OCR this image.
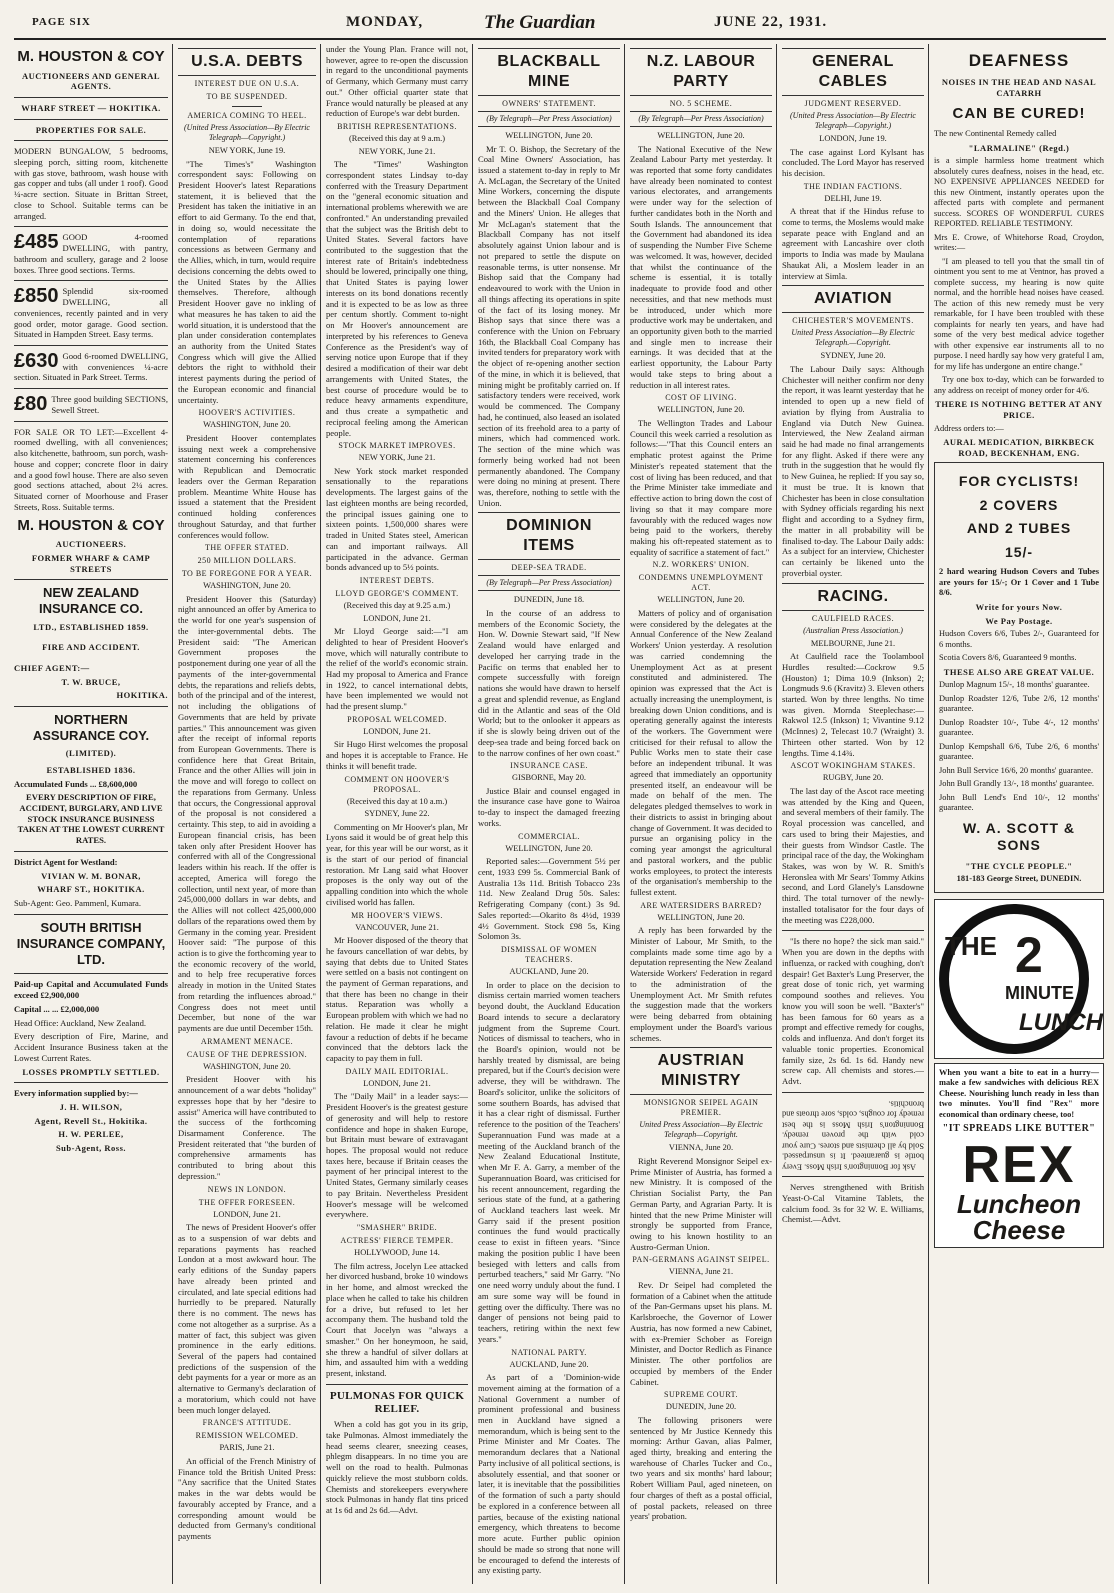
PAGE SIX	MONDAY,	The Guardian	JUNE 22, 1931.
M. HOUSTON & COY
AUCTIONEERS AND GENERAL AGENTS.
WHARF STREET — HOKITIKA.
PROPERTIES FOR SALE.

MODERN BUNGALOW, 5 bedrooms, sleeping porch, sitting room, kitchenette with gas stove, bathroom, wash house with gas copper and tubs (all under 1 roof). Good ¼-acre section. Situate in Brittan Street, close to School. Suitable terms can be arranged.

£485 GOOD 4-roomed DWELLING, with pantry, bathroom and scullery, garage and 2 loose boxes. Three good sections. Terms.
£850 Splendid six-roomed DWELLING, all conveniences, recently painted and in very good order, motor garage. Good section. Situated in Hampden Street. Easy terms.
£630 Good 6-roomed DWELLING, with conveniences ¼-acre section. Situated in Park Street. Terms.
£80 Three good building SECTIONS, Sewell Street.

FOR SALE OR TO LET:—Excellent 4-roomed dwelling, with all conveniences; also kitchenette, bathroom, sun porch, wash-house and copper; concrete floor in dairy and a good fowl house. There are also seven good sections attached, about 2¼ acres. Situated corner of Moorhouse and Fraser Streets, Ross. Suitable terms.

M. HOUSTON & COY
AUCTIONEERS.
FORMER WHARF & CAMP STREETS
NEW ZEALAND INSURANCE CO.
LTD., ESTABLISHED 1859.
FIRE AND ACCIDENT.
CHIEF AGENT:—
T. W. BRUCE,
HOKITIKA.
NORTHERN ASSURANCE COY.
(LIMITED).
ESTABLISHED 1836.

Accumulated Funds ... £8,600,000

EVERY DESCRIPTION OF FIRE, ACCIDENT, BURGLARY, AND LIVE STOCK INSURANCE BUSINESS TAKEN AT THE LOWEST CURRENT RATES.

District Agent for Westland:

VIVIAN W. M. BONAR,
WHARF ST., HOKITIKA.

Sub-Agent: Geo. Pammenl, Kumara.

SOUTH BRITISH INSURANCE COMPANY, LTD.

Paid-up Capital and Accumulated Funds exceed £2,900,000

Capital ... ... £2,000,000

Head Office: Auckland, New Zealand.

Every description of Fire, Marine, and Accident Insurance Business taken at the Lowest Current Rates.

LOSSES PROMPTLY SETTLED.

Every information supplied by:—

J. H. WILSON,
Agent, Revell St., Hokitika.
H. W. PERLEE,
Sub-Agent, Ross.
U.S.A. DEBTS
INTEREST DUE ON U.S.A.
TO BE SUSPENDED.
AMERICA COMING TO HEEL.
(United Press Association—By Electric Telegraph—Copyright.)
NEW YORK, June 19.

"The Times's" Washington correspondent says: Following on President Hoover's latest Reparations statement, it is believed that the President has taken the initiative in an effort to aid Germany. To the end that, in doing so, would necessitate the contemplation of reparations concessions as between Germany and the Allies, which, in turn, would require decisions concerning the debts owed to the United States by the Allies themselves. Therefore, although President Hoover gave no inkling of what measures he has taken to aid the world situation, it is understood that the plan under consideration contemplates an authority from the United States Congress which will give the Allied debtors the right to withhold their interest payments during the period of the European economic and financial uncertainty.

HOOVER'S ACTIVITIES.
WASHINGTON, June 20.

President Hoover contemplates issuing next week a comprehensive statement concerning his conferences with Republican and Democratic leaders over the German Reparation problem. Meantime White House has issued a statement that the President continued holding conferences throughout Saturday, and that further conferences would follow.

THE OFFER STATED.
250 MILLION DOLLARS.
TO BE FOREGONE FOR A YEAR.
WASHINGTON, June 20.

President Hoover this (Saturday) night announced an offer by America to the world for one year's suspension of the inter-governmental debts. The President said: "The American Government proposes the postponement during one year of all the payments of the inter-governmental debts, the reparations and reliefs debts, both of the principal and of the interest, not including the obligations of Governments that are held by private parties." This announcement was given after the receipt of informal reports from European Governments. There is confidence here that Great Britain, France and the other Allies will join in the move and will forego to collect on the reparations from Germany. Unless that occurs, the Congressional approval of the proposal is not considered a certainty. This step, to aid in avoiding a European financial crisis, has been taken only after President Hoover has conferred with all of the Congressional leaders within his reach. If the offer is accepted, America will forego the collection, until next year, of more than 245,000,000 dollars in war debts, and the Allies will not collect 425,000,000 dollars of the reparations owed them by Germany in the coming year. President Hoover said: "The purpose of this action is to give the forthcoming year to the economic recovery of the world, and to help free recuperative forces already in motion in the United States from retarding the influences abroad." Congress does not meet until December, but none of the war payments are due until December 15th.

ARMAMENT MENACE.
CAUSE OF THE DEPRESSION.
WASHINGTON, June 20.

President Hoover with his announcement of a war debts "holiday" expresses hope that by her "desire to assist" America will have contributed to the success of the forthcoming Disarmament Conference. The President reiterated that "the burden of comprehensive armaments has contributed to bring about this depression."

NEWS IN LONDON.
THE OFFER FORESEEN.
LONDON, June 21.

The news of President Hoover's offer as to a suspension of war debts and reparations payments has reached London at a most awkward hour. The early editions of the Sunday papers have already been printed and circulated, and late special editions had hurriedly to be prepared. Naturally there is no comment. The news has come not altogether as a surprise. As a matter of fact, this subject was given prominence in the early editions. Several of the papers had contained predictions of the suspension of the debt payments for a year or more as an alternative to Germany's declaration of a moratorium, which could not have been much longer delayed.

FRANCE'S ATTITUDE.
REMISSION WELCOMED.
PARIS, June 21.

An official of the French Ministry of Finance told the British United Press: "Any sacrifice that the United States makes in the war debts would be favourably accepted by France, and a corresponding amount would be deducted from Germany's conditional payments

under the Young Plan. France will not, however, agree to re-open the discussion in regard to the unconditional payments of Germany, which Germany must carry out." Other official quarter state that France would naturally be pleased at any reduction of Europe's war debt burden.

BRITISH REPRESENTATIONS.
(Received this day at 9 a.m.)
NEW YORK, June 21.

The "Times" Washington correspondent states Lindsay to-day conferred with the Treasury Department on the "general economic situation and international problems wherewith we are confronted." An understanding prevailed that the subject was the British debt to United States. Several factors have contributed to the suggestion that the interest rate of Britain's indebtedness should be lowered, principally one thing, that United States is paying lower interests on its bond donations recently and it is expected to be as low as three per centum shortly. Comment to-night on Mr Hoover's announcement are interpreted by his references to Geneva Conference as the President's way of serving notice upon Europe that if they desired a modification of their war debt arrangements with United States, the best course of procedure would be to reduce heavy armaments expenditure, and thus create a sympathetic and reciprocal feeling among the American people.

STOCK MARKET IMPROVES.
NEW YORK, June 21.

New York stock market responded sensationally to the reparations developments. The largest gains of the last eighteen months are being recorded, the principal issues gaining one to sixteen points. 1,500,000 shares were traded in United States steel, American can and important railways. All participated in the advance. German bonds advanced up to 5½ points.

INTEREST DEBTS.
LLOYD GEORGE'S COMMENT.
(Received this day at 9.25 a.m.)
LONDON, June 21.

Mr Lloyd George said:—"I am delighted to hear of President Hoover's move, which will naturally contribute to the relief of the world's economic strain. Had my proposal to America and France in 1922, to cancel international debts, have been implemented we would not had the present slump."

PROPOSAL WELCOMED.
LONDON, June 21.

Sir Hugo Hirst welcomes the proposal and hopes it is acceptable to France. He thinks it will benefit trade.

COMMENT ON HOOVER'S PROPOSAL.
(Received this day at 10 a.m.)
SYDNEY, June 22.

Commenting on Mr Hoover's plan, Mr Lyons said it would be of great help this year, for this year will be our worst, as it is the start of our period of financial restoration. Mr Lang said what Hoover proposes is the only way out of the appalling condition into which the whole civilised world has fallen.

MR HOOVER'S VIEWS.
VANCOUVER, June 21.

Mr Hoover disposed of the theory that he favours cancellation of war debts, by saying that debts due to United States were settled on a basis not contingent on the payment of German reparations, and that there has been no change in their status. Reparation was wholly a European problem with which we had no relation. He made it clear he might favour a reduction of debts if he became convinced that the debtors lack the capacity to pay them in full.

DAILY MAIL EDITORIAL.
LONDON, June 21.

The "Daily Mail" in a leader says:—President Hoover's is the greatest gesture of generosity and will help to restore confidence and hope in shaken Europe, but Britain must beware of extravagant hopes. The proposal would not reduce taxes here, because if Britain ceases the payment of her principal interest to the United States, Germany similarly ceases to pay Britain. Nevertheless President Hoover's message will be welcomed everywhere.

"SMASHER" BRIDE.
ACTRESS' FIERCE TEMPER.
HOLLYWOOD, June 14.

The film actress, Jocelyn Lee attacked her divorced husband, broke 10 windows in her home, and almost wrecked the place when he called to take his children for a drive, but refused to let her accompany them. The husband told the Court that Jocelyn was "always a smasher." On her honeymoon, he said, she threw a handful of silver dollars at him, and assaulted him with a wedding present, inkstand.

PULMONAS FOR QUICK RELIEF.

When a cold has got you in its grip, take Pulmonas. Almost immediately the head seems clearer, sneezing ceases, phlegm disappears. In no time you are well on the road to health. Pulmonas quickly relieve the most stubborn colds. Chemists and storekeepers everywhere stock Pulmonas in handy flat tins priced at 1s 6d and 2s 6d.—Advt.

BLACKBALL MINE
OWNERS' STATEMENT.
(By Telegraph—Per Press Association)
WELLINGTON, June 20.

Mr T. O. Bishop, the Secretary of the Coal Mine Owners' Association, has issued a statement to-day in reply to Mr A. McLagan, the Secretary of the United Mine Workers, concerning the dispute between the Blackball Coal Company and the Miners' Union. He alleges that Mr McLagan's statement that the Blackball Company has not itself absolutely against Union labour and is not prepared to settle the dispute on reasonable terms, is utter nonsense. Mr Bishop said that the Company had endeavoured to work with the Union in all things affecting its operations in spite of the fact of its losing money. Mr Bishop says that since there was a conference with the Union on February 16th, the Blackball Coal Company has invited tenders for preparatory work with the object of re-opening another section of the mine, in which it is believed, that mining might be profitably carried on. If satisfactory tenders were received, work would be commenced. The Company had, he continued, also leased an isolated section of its freehold area to a party of miners, which had commenced work. The section of the mine which was formerly being worked had not been permanently abandoned. The Company were doing no mining at present. There was, therefore, nothing to settle with the Union.

DOMINION ITEMS
DEEP-SEA TRADE.
(By Telegraph—Per Press Association)
DUNEDIN, June 18.

In the course of an address to members of the Economic Society, the Hon. W. Downie Stewart said, "If New Zealand would have enlarged and developed her carrying trade in the Pacific on terms that enabled her to compete successfully with foreign nations she would have drawn to herself a great and splendid revenue, as England did in the Atlantic and seas of the Old World; but to the onlooker it appears as if she is slowly being driven out of the deep-sea trade and being forced back on to the narrow confines of her own coast."

INSURANCE CASE.
GISBORNE, May 20.

Justice Blair and counsel engaged in the insurance case have gone to Wairoa to-day to inspect the damaged freezing works.

COMMERCIAL.
WELLINGTON, June 20.

Reported sales:—Government 5½ per cent, 1933 £99 5s. Commercial Bank of Australia 13s 11d. British Tobacco 23s 11d. New Zealand Drug 50s. Sales: Refrigerating Company (cont.) 3s 9d. Sales reported:—Okarito 8s 4½d, 1939 4½ Government. Stock £98 5s, King Solomon 3s.

DISMISSAL OF WOMEN TEACHERS.
AUCKLAND, June 20.

In order to place on the decision to dismiss certain married women teachers beyond doubt, the Auckland Education Board intends to secure a declaratory judgment from the Supreme Court. Notices of dismissal to teachers, who in the Board's opinion, would not be harshly treated by dismissal, are being prepared, but if the Court's decision were adverse, they will be withdrawn. The Board's solicitor, unlike the solicitors of some southern Boards, has advised that it has a clear right of dismissal. Further reference to the position of the Teachers' Superannuation Fund was made at a meeting of the Auckland branch of the New Zealand Educational Institute, when Mr F. A. Garry, a member of the Superannuation Board, was criticised for his recent announcement, regarding the serious state of the fund, at a gathering of Auckland teachers last week. Mr Garry said if the present position continues the fund would practically cease to exist in fifteen years. "Since making the position public I have been besieged with letters and calls from perturbed teachers," said Mr Garry. "No one need worry unduly about the fund. I am sure some way will be found in getting over the difficulty. There was no danger of pensions not being paid to teachers, retiring within the next few years."

NATIONAL PARTY.
AUCKLAND, June 20.

As part of a 'Dominion-wide movement aiming at the formation of a National Government a number of prominent professional and business men in Auckland have signed a memorandum, which is being sent to the Prime Minister and Mr Coates. The memorandum declares that a National Party inclusive of all political sections, is absolutely essential, and that sooner or later, it is inevitable that the possibilities of the formation of such a party should be explored in a conference between all parties, because of the existing national emergency, which threatens to become more acute. Further public opinion should be made so strong that none will be encouraged to defend the interests of any existing party.

N.Z. LABOUR PARTY
NO. 5 SCHEME.
(By Telegraph—Per Press Association)
WELLINGTON, June 20.

The National Executive of the New Zealand Labour Party met yesterday. It was reported that some forty candidates have already been nominated to contest various electorates, and arrangements were under way for the selection of further candidates both in the North and South Islands. The announcement that the Government had abandoned its idea of suspending the Number Five Scheme was welcomed. It was, however, decided that whilst the continuance of the scheme is essential, it is totally inadequate to provide food and other necessities, and that new methods must be introduced, under which more productive work may be undertaken, and an opportunity given both to the married and single men to increase their earnings. It was decided that at the earliest opportunity, the Labour Party would take steps to bring about a reduction in all interest rates.

COST OF LIVING.
WELLINGTON, June 20.

The Wellington Trades and Labour Council this week carried a resolution as follows:—"That this Council enters an emphatic protest against the Prime Minister's repeated statement that the cost of living has been reduced, and that the Prime Minister take immediate and effective action to bring down the cost of living so that it may compare more favourably with the reduced wages now being paid to the workers, thereby making his oft-repeated statement as to equality of sacrifice a statement of fact."

N.Z. WORKERS' UNION.
CONDEMNS UNEMPLOYMENT ACT.
WELLINGTON, June 20.

Matters of policy and of organisation were considered by the delegates at the Annual Conference of the New Zealand Workers' Union yesterday. A resolution was carried condemning the Unemployment Act as at present constituted and administered. The opinion was expressed that the Act is actually increasing the unemployment, is breaking down Union conditions, and is operating generally against the interests of the workers. The Government were criticised for their refusal to allow the Public Works men to state their case before an independent tribunal. It was agreed that immediately an opportunity presented itself, an endeavour will be made on behalf of the men. The delegates pledged themselves to work in their districts to assist in bringing about change of Government. It was decided to pursue an organising policy in the coming year amongst the agricultural and pastoral workers, and the public works employees, to protect the interests of the organisation's membership to the fullest extent.

ARE WATERSIDERS BARRED?
WELLINGTON, June 20.

A reply has been forwarded by the Minister of Labour, Mr Smith, to the complaints made some time ago by a deputation representing the New Zealand Waterside Workers' Federation in regard to the administration of the Unemployment Act. Mr Smith refutes the suggestion made that the workers were being debarred from obtaining employment under the Board's various schemes.

AUSTRIAN MINISTRY
MONSIGNOR SEIPEL AGAIN PREMIER.
United Press Association—By Electric Telegraph—Copyright.
VIENNA, June 20.

Right Reverend Monsignor Seipel ex-Prime Minister of Austria, has formed a new Ministry. It is composed of the Christian Socialist Party, the Pan German Party, and Agrarian Party. It is hinted that the new Prime Minister will strongly be supported from France, owing to his known hostility to an Austro-German Union.

PAN-GERMANS AGAINST SEIPEL.
VIENNA, June 21.

Rev. Dr Seipel had completed the formation of a Cabinet when the attitude of the Pan-Germans upset his plans. M. Karlsbroeche, the Governor of Lower Austria, has now formed a new Cabinet, with ex-Premier Schober as Foreign Minister, and Doctor Redlich as Finance Minister. The other portfolios are occupied by members of the Ender Cabinet.

SUPREME COURT.
DUNEDIN, June 20.

The following prisoners were sentenced by Mr Justice Kennedy this morning: Arthur Gavan, alias Palmer, aged thirty, breaking and entering the warehouse of Charles Tucker and Co., two years and six months' hard labour; Robert William Paul, aged nineteen, on four charges of theft as a postal official, of postal packets, released on three years' probation.

GENERAL CABLES
JUDGMENT RESERVED.
(United Press Association—By Electric Telegraph—Copyright.)
LONDON, June 19.

The case against Lord Kylsant has concluded. The Lord Mayor has reserved his decision.

THE INDIAN FACTIONS.
DELHI, June 19.

A threat that if the Hindus refuse to come to terms, the Moslems would make separate peace with England and an agreement with Lancashire over cloth imports to India was made by Maulana Shaukat Ali, a Moslem leader in an interview at Simla.

AVIATION
CHICHESTER'S MOVEMENTS.
United Press Association—By Electric Telegraph.—Copyright.
SYDNEY, June 20.

The Labour Daily says: Although Chichester will neither confirm nor deny the report, it was learnt yesterday that he intended to open up a new field of aviation by flying from Australia to England via Dutch New Guinea. Interviewed, the New Zealand airman said he had made no final arrangements for any flight. Asked if there were any truth in the suggestion that he would fly to New Guinea, he replied: If you say so, it must be true. It is known that Chichester has been in close consultation with Sydney officials regarding his next flight and according to a Sydney firm, the matter in all probability will be finalised to-day. The Labour Daily adds: As a subject for an interview, Chichester can certainly be likened unto the proverbial oyster.

RACING.
CAULFIELD RACES.
(Australian Press Association.)
MELBOURNE, June 21.

At Caulfield race the Toolambool Hurdles resulted:—Cockrow 9.5 (Houston) 1; Dima 10.9 (Inkson) 2; Longmuds 9.6 (Kravitz) 3. Eleven others started. Won by three lengths. No time was given. Mornda Steeplechase:—Rakwol 12.5 (Inkson) 1; Vivantine 9.12 (McInnes) 2, Telecast 10.7 (Wraight) 3. Thirteen other started. Won by 12 lengths. Time 4.14¾.

ASCOT WOKINGHAM STAKES.
RUGBY, June 20.

The last day of the Ascot race meeting was attended by the King and Queen, and several members of their family. The Royal procession was cancelled, and cars used to bring their Majesties, and their guests from Windsor Castle. The principal race of the day, the Wokingham Stakes, was won by W. R. Smith's Heronslea with Mr Sears' Tommy Atkins second, and Lord Glanely's Lansdowne third. The total turnover of the newly-installed totalisator for the four days of the meeting was £228,000.

"Is there no hope? the sick man said." When you are down in the depths with influenza, or racked with coughing, don't despair! Get Baxter's Lung Preserver, the great dose of tonic rich, yet warming compound soothes and relieves. You know you will soon be well. "Baxter's" has been famous for 60 years as a prompt and effective remedy for coughs, colds and influenza. And don't forget its valuable tonic properties. Economical family size, 2s 6d. 1s 6d. Handy new screw cap. All chemists and stores.—Advt.

Ask for Bonnington's Irish Moss. Every bottle is guaranteed. It is unsurpassed. Sold by all chemists and stores. Cure your cold with the proven remedy. Bonnington's Irish Moss is the best remedy for coughs, colds, sore throats and bronchitis.

Nerves strengthened with British Yeast-O-Cal Vitamine Tablets, the calcium food. 3s for 32 W. E. Williams, Chemist.—Advt.

DEAFNESS
NOISES IN THE HEAD AND NASAL CATARRH
CAN BE CURED!

The new Continental Remedy called

"LARMALINE" (Regd.)

is a simple harmless home treatment which absolutely cures deafness, noises in the head, etc. NO EXPENSIVE APPLIANCES NEEDED for this new Ointment, instantly operates upon the affected parts with complete and permanent success. SCORES OF WONDERFUL CURES REPORTED. RELIABLE TESTIMONY.

Mrs E. Crowe, of Whitehorse Road, Croydon, writes:—

"I am pleased to tell you that the small tin of ointment you sent to me at Ventnor, has proved a complete success, my hearing is now quite normal, and the horrible head noises have ceased. The action of this new remedy must be very remarkable, for I have been troubled with these complaints for nearly ten years, and have had some of the very best medical advice together with other expensive ear instruments all to no purpose. I need hardly say how very grateful I am, for my life has undergone an entire change."

Try one box to-day, which can be forwarded to any address on receipt of money order for 4/6.

THERE IS NOTHING BETTER AT ANY PRICE.

Address orders to:—

AURAL MEDICATION, BIRKBECK ROAD, BECKENHAM, ENG.
FOR CYCLISTS!
2 COVERS
AND 2 TUBES
15/-

2 hard wearing Hudson Covers and Tubes are yours for 15/-; Or 1 Cover and 1 Tube 8/6.

Write for yours Now.
We Pay Postage.

Hudson Covers 6/6, Tubes 2/-, Guaranteed for 6 months.

Scotia Covers 8/6, Guaranteed 9 months.

THESE ALSO ARE GREAT VALUE.

Dunlop Magnum 15/-, 18 months' guarantee.

Dunlop Roadster 12/6, Tube 2/6, 12 months' guarantee.

Dunlop Roadster 10/-, Tube 4/-, 12 months' guarantee.

Dunlop Kempshall 6/6, Tube 2/6, 6 months' guarantee.

John Bull Service 16/6, 20 months' guarantee.

John Bull Grandly 13/-, 18 months' guarantee.

John Bull Lend's End 10/-, 12 months' guarantee.

W. A. SCOTT & SONS
"THE CYCLE PEOPLE."

181-183 George Street, DUNEDIN.

THE 2
MINUTE
LUNCH

When you want a bite to eat in a hurry—make a few sandwiches with delicious REX Cheese. Nourishing lunch ready in less than two minutes. You'll find "Rex" more economical than ordinary cheese, too!

"IT SPREADS LIKE BUTTER"
REX
Luncheon Cheese
